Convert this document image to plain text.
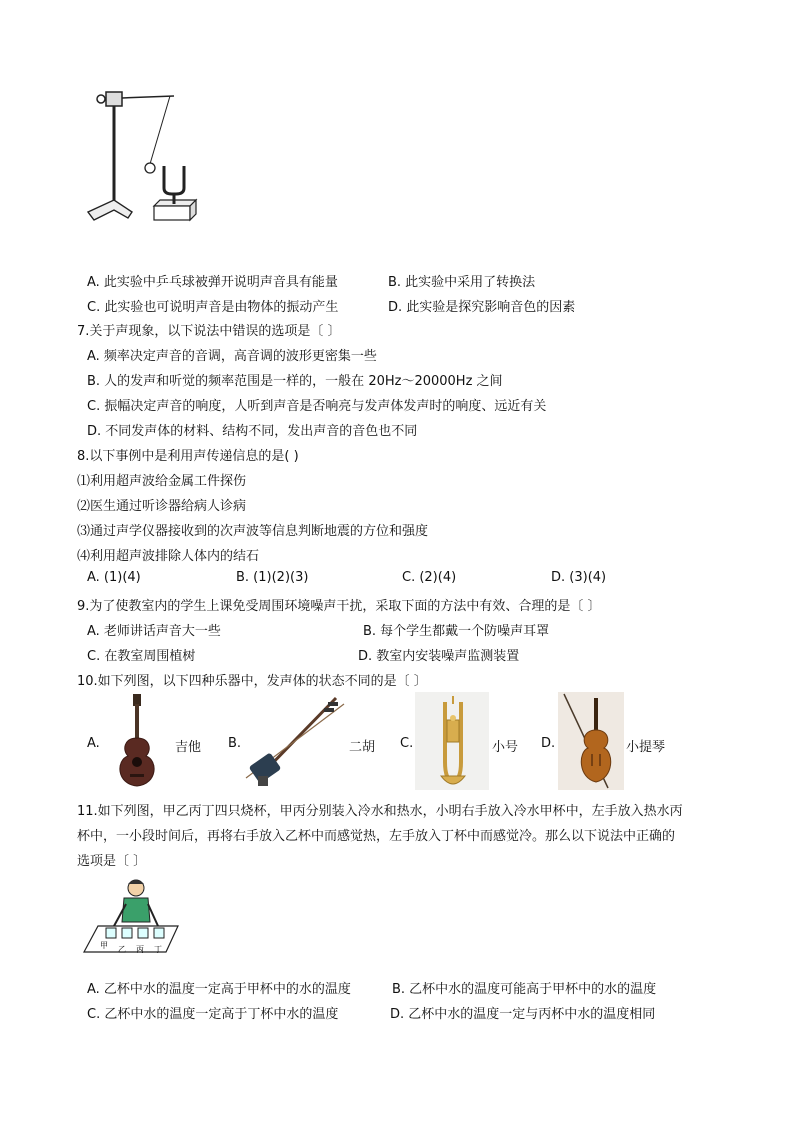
A. 此实验中乒乓球被弹开说明声音具有能量	B. 此实验中采用了转换法
C. 此实验也可说明声音是由物体的振动产生	D. 此实验是探究影响音色的因素
7.关于声现象，以下说法中错误的选项是〔 〕
A. 频率决定声音的音调，高音调的波形更密集一些
B. 人的发声和听觉的频率范围是一样的，一般在 20Hz～20000Hz 之间
C. 振幅决定声音的响度，人听到声音是否响亮与发声体发声时的响度、远近有关
D. 不同发声体的材料、结构不同，发出声音的音色也不同
8.以下事例中是利用声传递信息的是( )
⑴利用超声波给金属工件探伤
⑵医生通过听诊器给病人诊病
⑶通过声学仪器接收到的次声波等信息判断地震的方位和强度
⑷利用超声波排除人体内的结石
A. (1)(4)	B. (1)(2)(3)	C. (2)(4)	D. (3)(4)
9.为了使教室内的学生上课免受周围环境噪声干扰，采取下面的方法中有效、合理的是〔 〕
A. 老师讲话声音大一些	B. 每个学生都戴一个防噪声耳罩
C. 在教室周围植树	D. 教室内安装噪声监测装置
10.如下列图，以下四种乐器中，发声体的状态不同的是〔 〕
A.	吉他 B.	二胡 C.	小号 D.	小提琴
11.如下列图，甲乙丙丁四只烧杯，甲丙分别装入冷水和热水，小明右手放入冷水甲杯中，左手放入热水丙
杯中，一小段时间后，再将右手放入乙杯中而感觉热，左手放入丁杯中而感觉冷。那么以下说法中正确的
选项是〔 〕
甲 乙 丙 丁
A. 乙杯中水的温度一定高于甲杯中的水的温度	B. 乙杯中水的温度可能高于甲杯中的水的温度
C. 乙杯中水的温度一定高于丁杯中水的温度	D. 乙杯中水的温度一定与丙杯中水的温度相同
